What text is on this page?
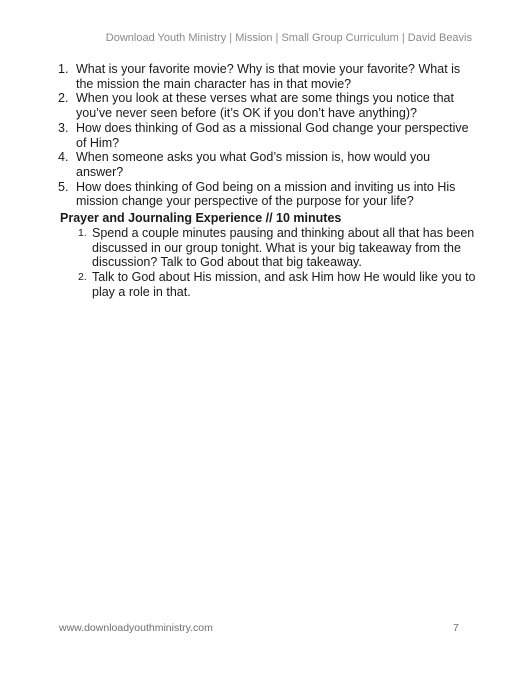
Download Youth Ministry | Mission | Small Group Curriculum | David Beavis
1. What is your favorite movie? Why is that movie your favorite? What is the mission the main character has in that movie?
2. When you look at these verses what are some things you notice that you’ve never seen before (it’s OK if you don’t have anything)?
3. How does thinking of God as a missional God change your perspective of Him?
4. When someone asks you what God’s mission is, how would you answer?
5. How does thinking of God being on a mission and inviting us into His mission change your perspective of the purpose for your life?
Prayer and Journaling Experience // 10 minutes
1. Spend a couple minutes pausing and thinking about all that has been discussed in our group tonight. What is your big takeaway from the discussion? Talk to God about that big takeaway.
2. Talk to God about His mission, and ask Him how He would like you to play a role in that.
www.downloadyouthministry.com	7
